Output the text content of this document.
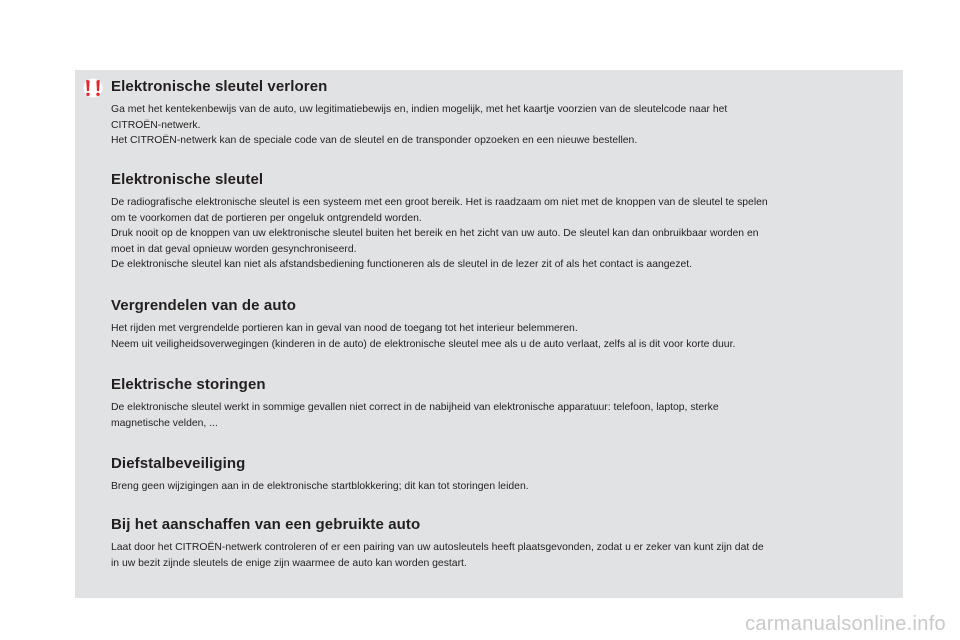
Elektronische sleutel verloren

Ga met het kentekenbewijs van de auto, uw legitimatiebewijs en, indien mogelijk, met het kaartje voorzien van de sleutelcode naar het
CITROËN-netwerk.
Het CITROËN-netwerk kan de speciale code van de sleutel en de transponder opzoeken en een nieuwe bestellen.

Elektronische sleutel

De radiografische elektronische sleutel is een systeem met een groot bereik. Het is raadzaam om niet met de knoppen van de sleutel te spelen
om te voorkomen dat de portieren per ongeluk ontgrendeld worden.
Druk nooit op de knoppen van uw elektronische sleutel buiten het bereik en het zicht van uw auto. De sleutel kan dan onbruikbaar worden en
moet in dat geval opnieuw worden gesynchroniseerd.
De elektronische sleutel kan niet als afstandsbediening functioneren als de sleutel in de lezer zit of als het contact is aangezet.

Vergrendelen van de auto

Het rijden met vergrendelde portieren kan in geval van nood de toegang tot het interieur belemmeren.
Neem uit veiligheidsoverwegingen (kinderen in de auto) de elektronische sleutel mee als u de auto verlaat, zelfs al is dit voor korte duur.

Elektrische storingen

De elektronische sleutel werkt in sommige gevallen niet correct in de nabijheid van elektronische apparatuur: telefoon, laptop, sterke
magnetische velden, ...

Diefstalbeveiliging

Breng geen wijzigingen aan in de elektronische startblokkering; dit kan tot storingen leiden.

Bij het aanschaffen van een gebruikte auto

Laat door het CITROËN-netwerk controleren of er een pairing van uw autosleutels heeft plaatsgevonden, zodat u er zeker van kunt zijn dat de
in uw bezit zijnde sleutels de enige zijn waarmee de auto kan worden gestart.

carmanualsonline.info
